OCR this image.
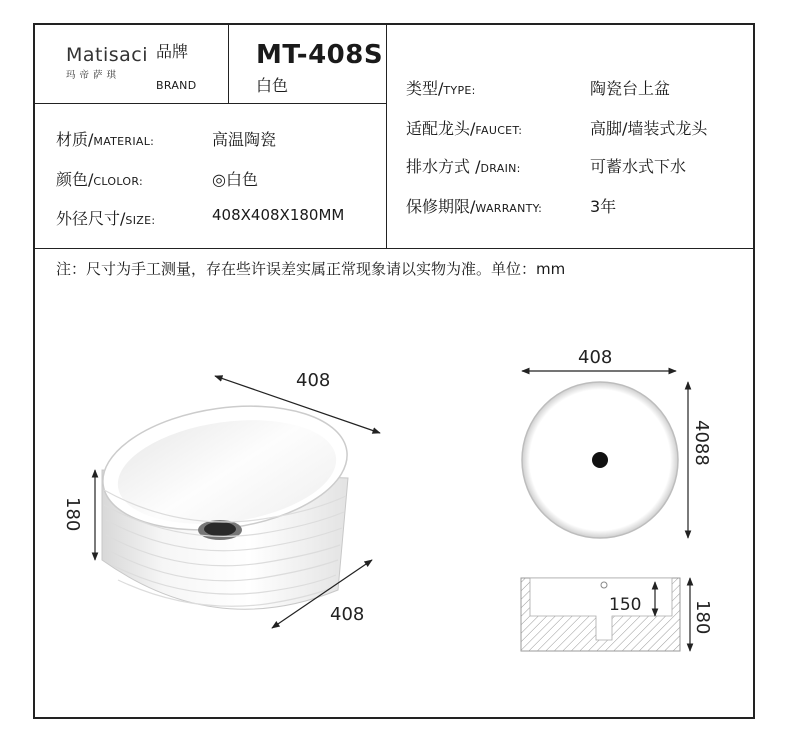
Matisaci
玛帝萨琪
品牌
BRAND
MT-408S
白色
材质/MATERIAL:	高温陶瓷
颜色/CLOLOR:	◎白色
外径尺寸/SIZE:	408X408X180MM
类型/TYPE:	陶瓷台上盆
适配龙头/FAUCET:	高脚/墙装式龙头
排水方式 /DRAIN:	可蓄水式下水
保修期限/WARRANTY:	3年
注：尺寸为手工测量，存在些许误差实属正常现象请以实物为准。单位：mm
408
180
408
408
4088
150	180
